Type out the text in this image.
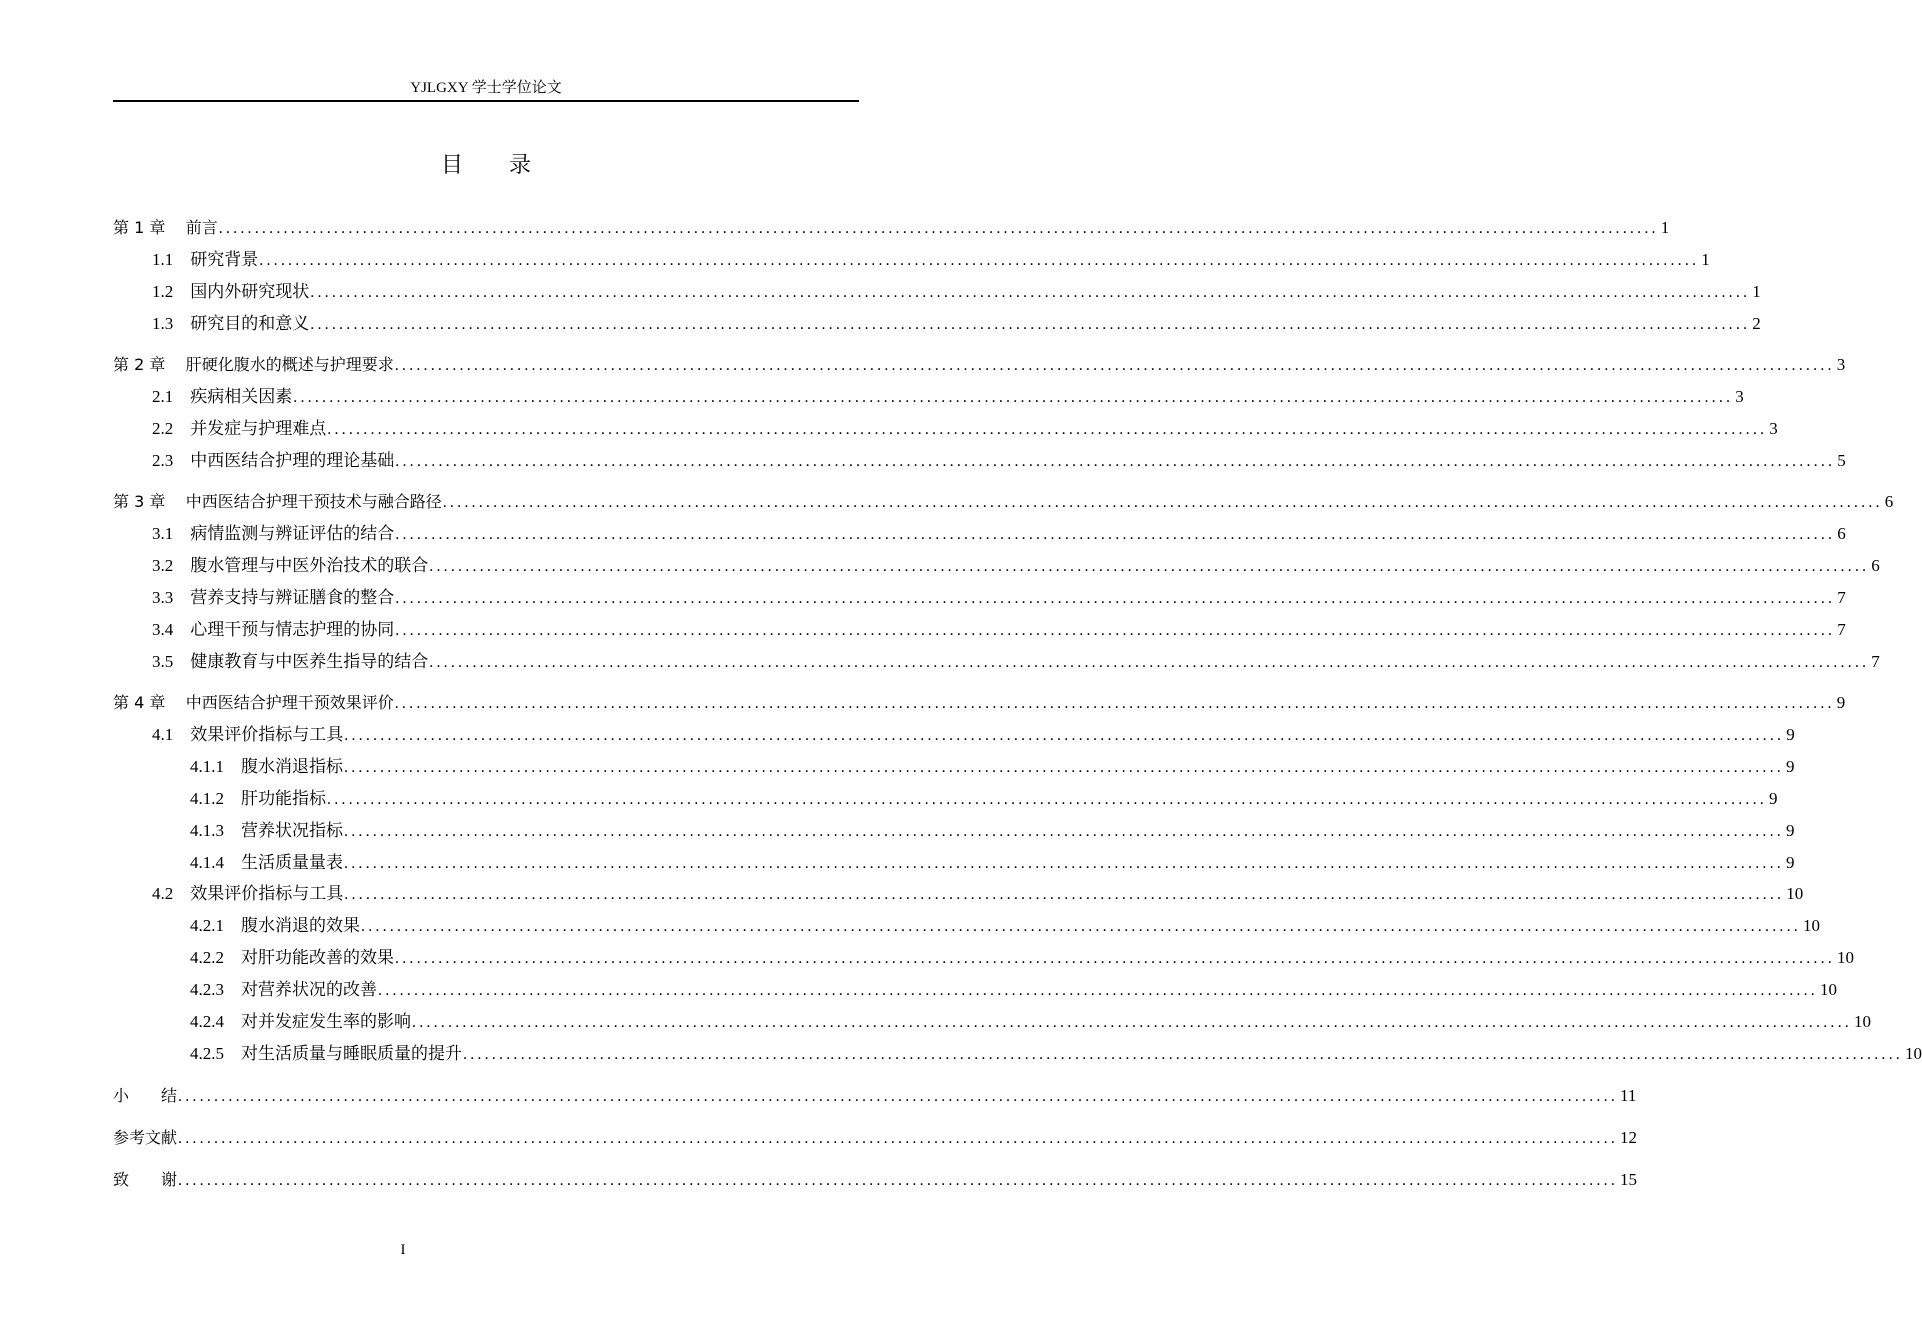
YJLGXY 学士学位论文
目录
第 1 章
前言 ........................................................................................................................................................................................................ 1
1.1
研究背景 ........................................................................................................................................................................................................ 1
1.2
国内外研究现状 ........................................................................................................................................................................................................ 1
1.3
研究目的和意义 ........................................................................................................................................................................................................ 2
第 2 章
肝硬化腹水的概述与护理要求 ........................................................................................................................................................................................................ 3
2.1
疾病相关因素 ........................................................................................................................................................................................................ 3
2.2
并发症与护理难点 ........................................................................................................................................................................................................ 3
2.3
中西医结合护理的理论基础 ........................................................................................................................................................................................................ 5
第 3 章
中西医结合护理干预技术与融合路径 ........................................................................................................................................................................................................ 6
3.1
病情监测与辨证评估的结合 ........................................................................................................................................................................................................ 6
3.2
腹水管理与中医外治技术的联合 ........................................................................................................................................................................................................ 6
3.3
营养支持与辨证膳食的整合 ........................................................................................................................................................................................................ 7
3.4
心理干预与情志护理的协同 ........................................................................................................................................................................................................ 7
3.5
健康教育与中医养生指导的结合 ........................................................................................................................................................................................................ 7
第 4 章
中西医结合护理干预效果评价 ........................................................................................................................................................................................................ 9
4.1
效果评价指标与工具 ........................................................................................................................................................................................................ 9
4.1.1
腹水消退指标 ........................................................................................................................................................................................................ 9
4.1.2
肝功能指标 ........................................................................................................................................................................................................ 9
4.1.3
营养状况指标 ........................................................................................................................................................................................................ 9
4.1.4
生活质量量表 ........................................................................................................................................................................................................ 9
4.2
效果评价指标与工具 ........................................................................................................................................................................................................ 10
4.2.1
腹水消退的效果 ........................................................................................................................................................................................................ 10
4.2.2
对肝功能改善的效果 ........................................................................................................................................................................................................ 10
4.2.3
对营养状况的改善 ........................................................................................................................................................................................................ 10
4.2.4
对并发症发生率的影响 ........................................................................................................................................................................................................ 10
4.2.5
对生活质量与睡眠质量的提升 ........................................................................................................................................................................................................ 10
小　　结 ........................................................................................................................................................................................................ 11
参考文献 ........................................................................................................................................................................................................ 12
致　　谢 ........................................................................................................................................................................................................ 15
I
